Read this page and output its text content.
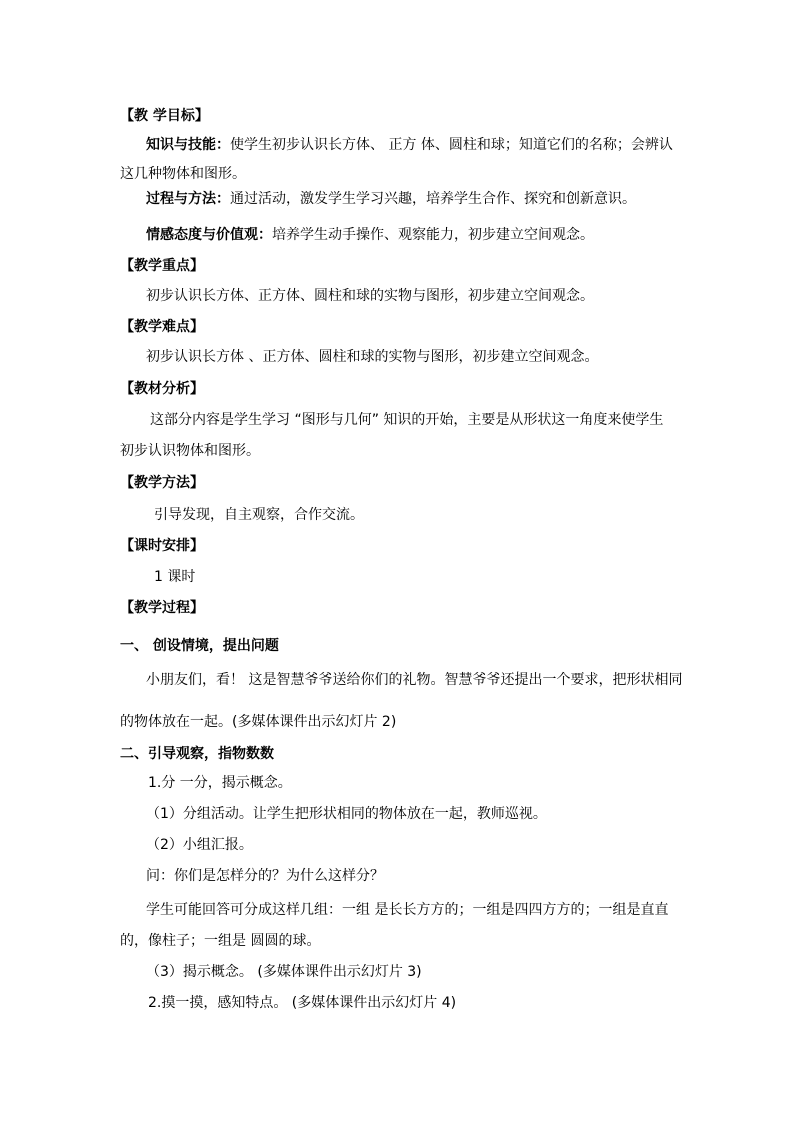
【教 学目标】
知识与技能：使学生初步认识长方体、 正方 体、圆柱和球；知道它们的名称；会辨认
这几种物体和图形。
过程与方法：通过活动，激发学生学习兴趣，培养学生合作、探究和创新意识。
情感态度与价值观：培养学生动手操作、观察能力，初步建立空间观念。
【教学重点】
初步认识长方体、正方体、圆柱和球的实物与图形，初步建立空间观念。
【教学难点】
初步认识长方体 、正方体、圆柱和球的实物与图形，初步建立空间观念。
【教材分析】
这部分内容是学生学习 “图形与几何” 知识的开始，主要是从形状这一角度来使学生
初步认识物体和图形。
【教学方法】
引导发现，自主观察，合作交流。
【课时安排】
1 课时
【教学过程】
一、 创设情境，提出问题
小朋友们，看！ 这是智慧爷爷送给你们的礼物。智慧爷爷还提出一个要求，把形状相同
的物体放在一起。(多媒体课件出示幻灯片 2)
二、引导观察，指物数数
1.分 一分，揭示概念。
（1）分组活动。让学生把形状相同的物体放在一起，教师巡视。
（2）小组汇报。
问：你们是怎样分的？为什么这样分？
学生可能回答可分成这样几组：一组 是长长方方的；一组是四四方方的；一组是直直
的，像柱子；一组是 圆圆的球。
（3）揭示概念。 (多媒体课件出示幻灯片 3)
2.摸一摸，感知特点。 (多媒体课件出示幻灯片 4)
